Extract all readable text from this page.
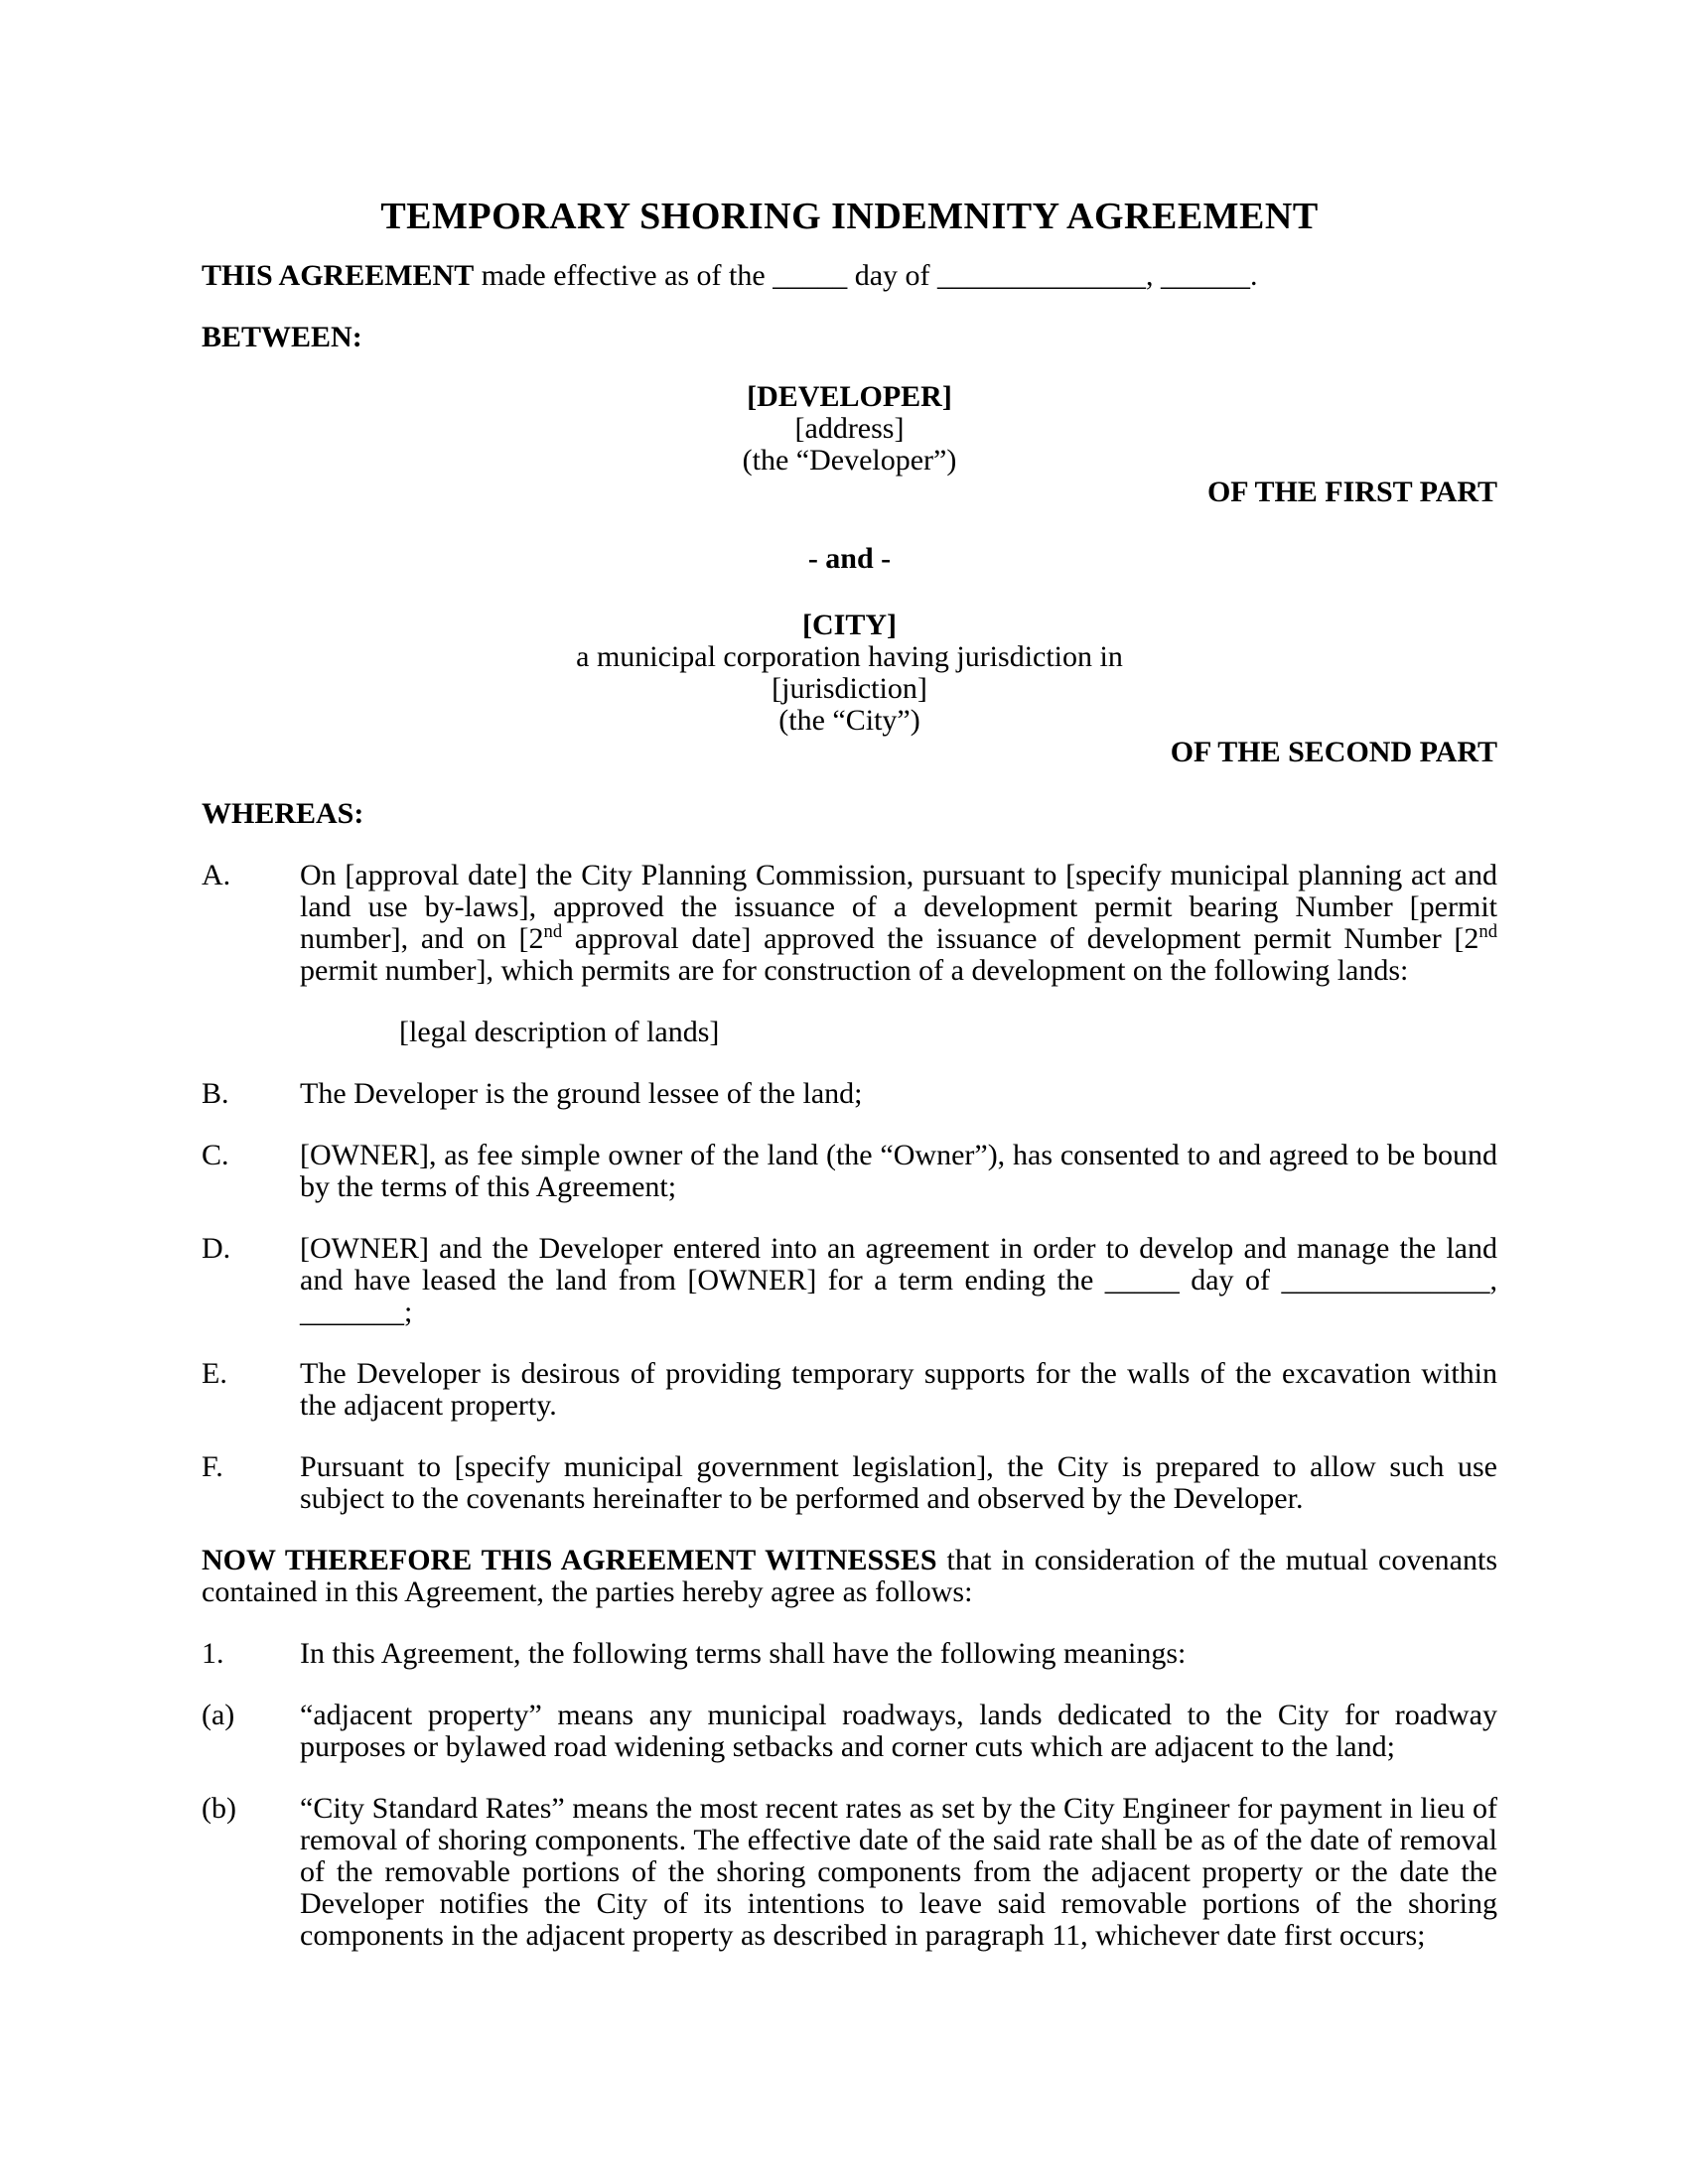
TEMPORARY SHORING INDEMNITY AGREEMENT

THIS AGREEMENT made effective as of the _____ day of ______________, ______.

BETWEEN:

[DEVELOPER]
[address]
(the “Developer”)
OF THE FIRST PART
- and -
[CITY]
a municipal corporation having jurisdiction in
[jurisdiction]
(the “City”)
OF THE SECOND PART

WHEREAS:

A. On [approval date] the City Planning Commission, pursuant to [specify municipal planning act and land use by-laws], approved the issuance of a development permit bearing Number [permit number], and on [2nd approval date] approved the issuance of development permit Number [2nd permit number], which permits are for construction of a development on the following lands:
[legal description of lands]
B. The Developer is the ground lessee of the land;
C. [OWNER], as fee simple owner of the land (the “Owner”), has consented to and agreed to be bound by the terms of this Agreement;
D. [OWNER] and the Developer entered into an agreement in order to develop and manage the land and have leased the land from [OWNER] for a term ending the _____ day of ______________, _______;
E. The Developer is desirous of providing temporary supports for the walls of the excavation within the adjacent property.
F.	Pursuant to [specify municipal government legislation], the City is prepared to allow such use subject to the covenants hereinafter to be performed and observed by the Developer.

NOW THEREFORE THIS AGREEMENT WITNESSES that in consideration of the mutual covenants contained in this Agreement, the parties hereby agree as follows:

1.	In this Agreement, the following terms shall have the following meanings:
(a) “adjacent property” means any municipal roadways, lands dedicated to the City for roadway purposes or bylawed road widening setbacks and corner cuts which are adjacent to the land;
(b) “City Standard Rates” means the most recent rates as set by the City Engineer for payment in lieu of removal of shoring components. The effective date of the said rate shall be as of the date of removal of the removable portions of the shoring components from the adjacent property or the date the Developer notifies the City of its intentions to leave said removable portions of the shoring components in the adjacent property as described in paragraph 11, whichever date first occurs;
